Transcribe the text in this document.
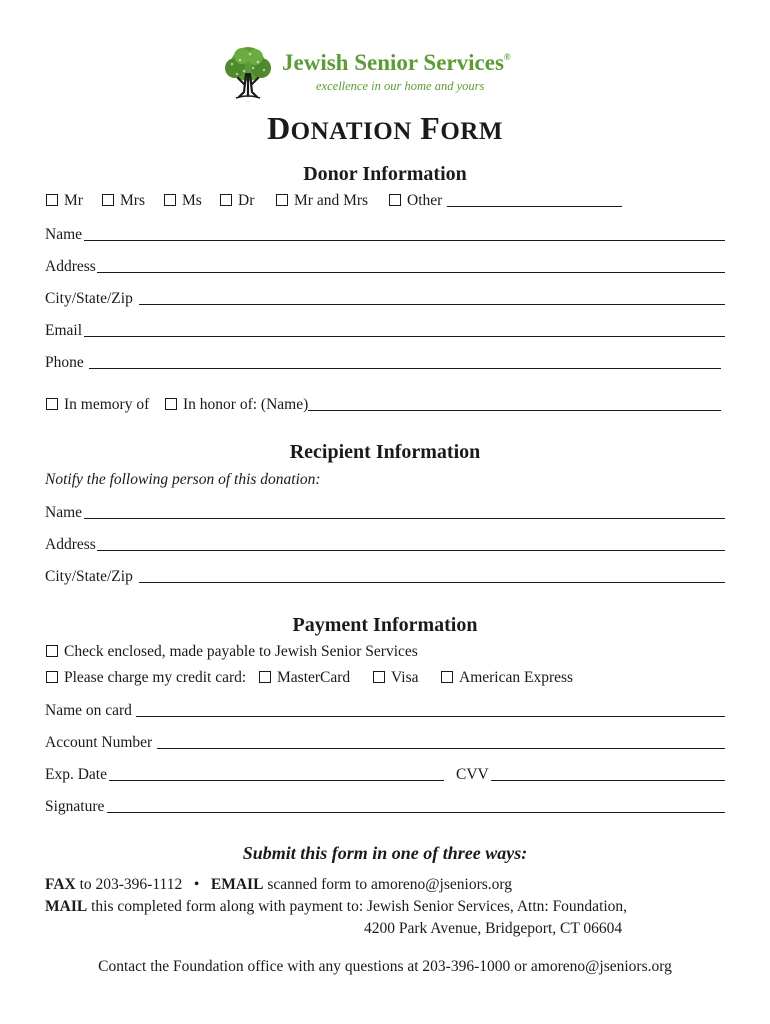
Jewish Senior Services®
excellence in our home and yours
DONATION FORM
Donor Information
Mr	Mrs	Ms	Dr	Mr and Mrs	Other
Name
Address
City/State/Zip
Email
Phone
In memory of	In honor of: (Name)
Recipient Information
Notify the following person of this donation:
Name
Address
City/State/Zip
Payment Information
Check enclosed, made payable to Jewish Senior Services
Please charge my credit card:	MasterCard	Visa	American Express
Name on card
Account Number
Exp. Date	CVV
Signature
Submit this form in one of three ways:
FAX to 203-396-1112 • EMAIL scanned form to amoreno@jseniors.org
MAIL this completed form along with payment to: Jewish Senior Services, Attn: Foundation,
4200 Park Avenue, Bridgeport, CT 06604
Contact the Foundation office with any questions at 203-396-1000 or amoreno@jseniors.org
